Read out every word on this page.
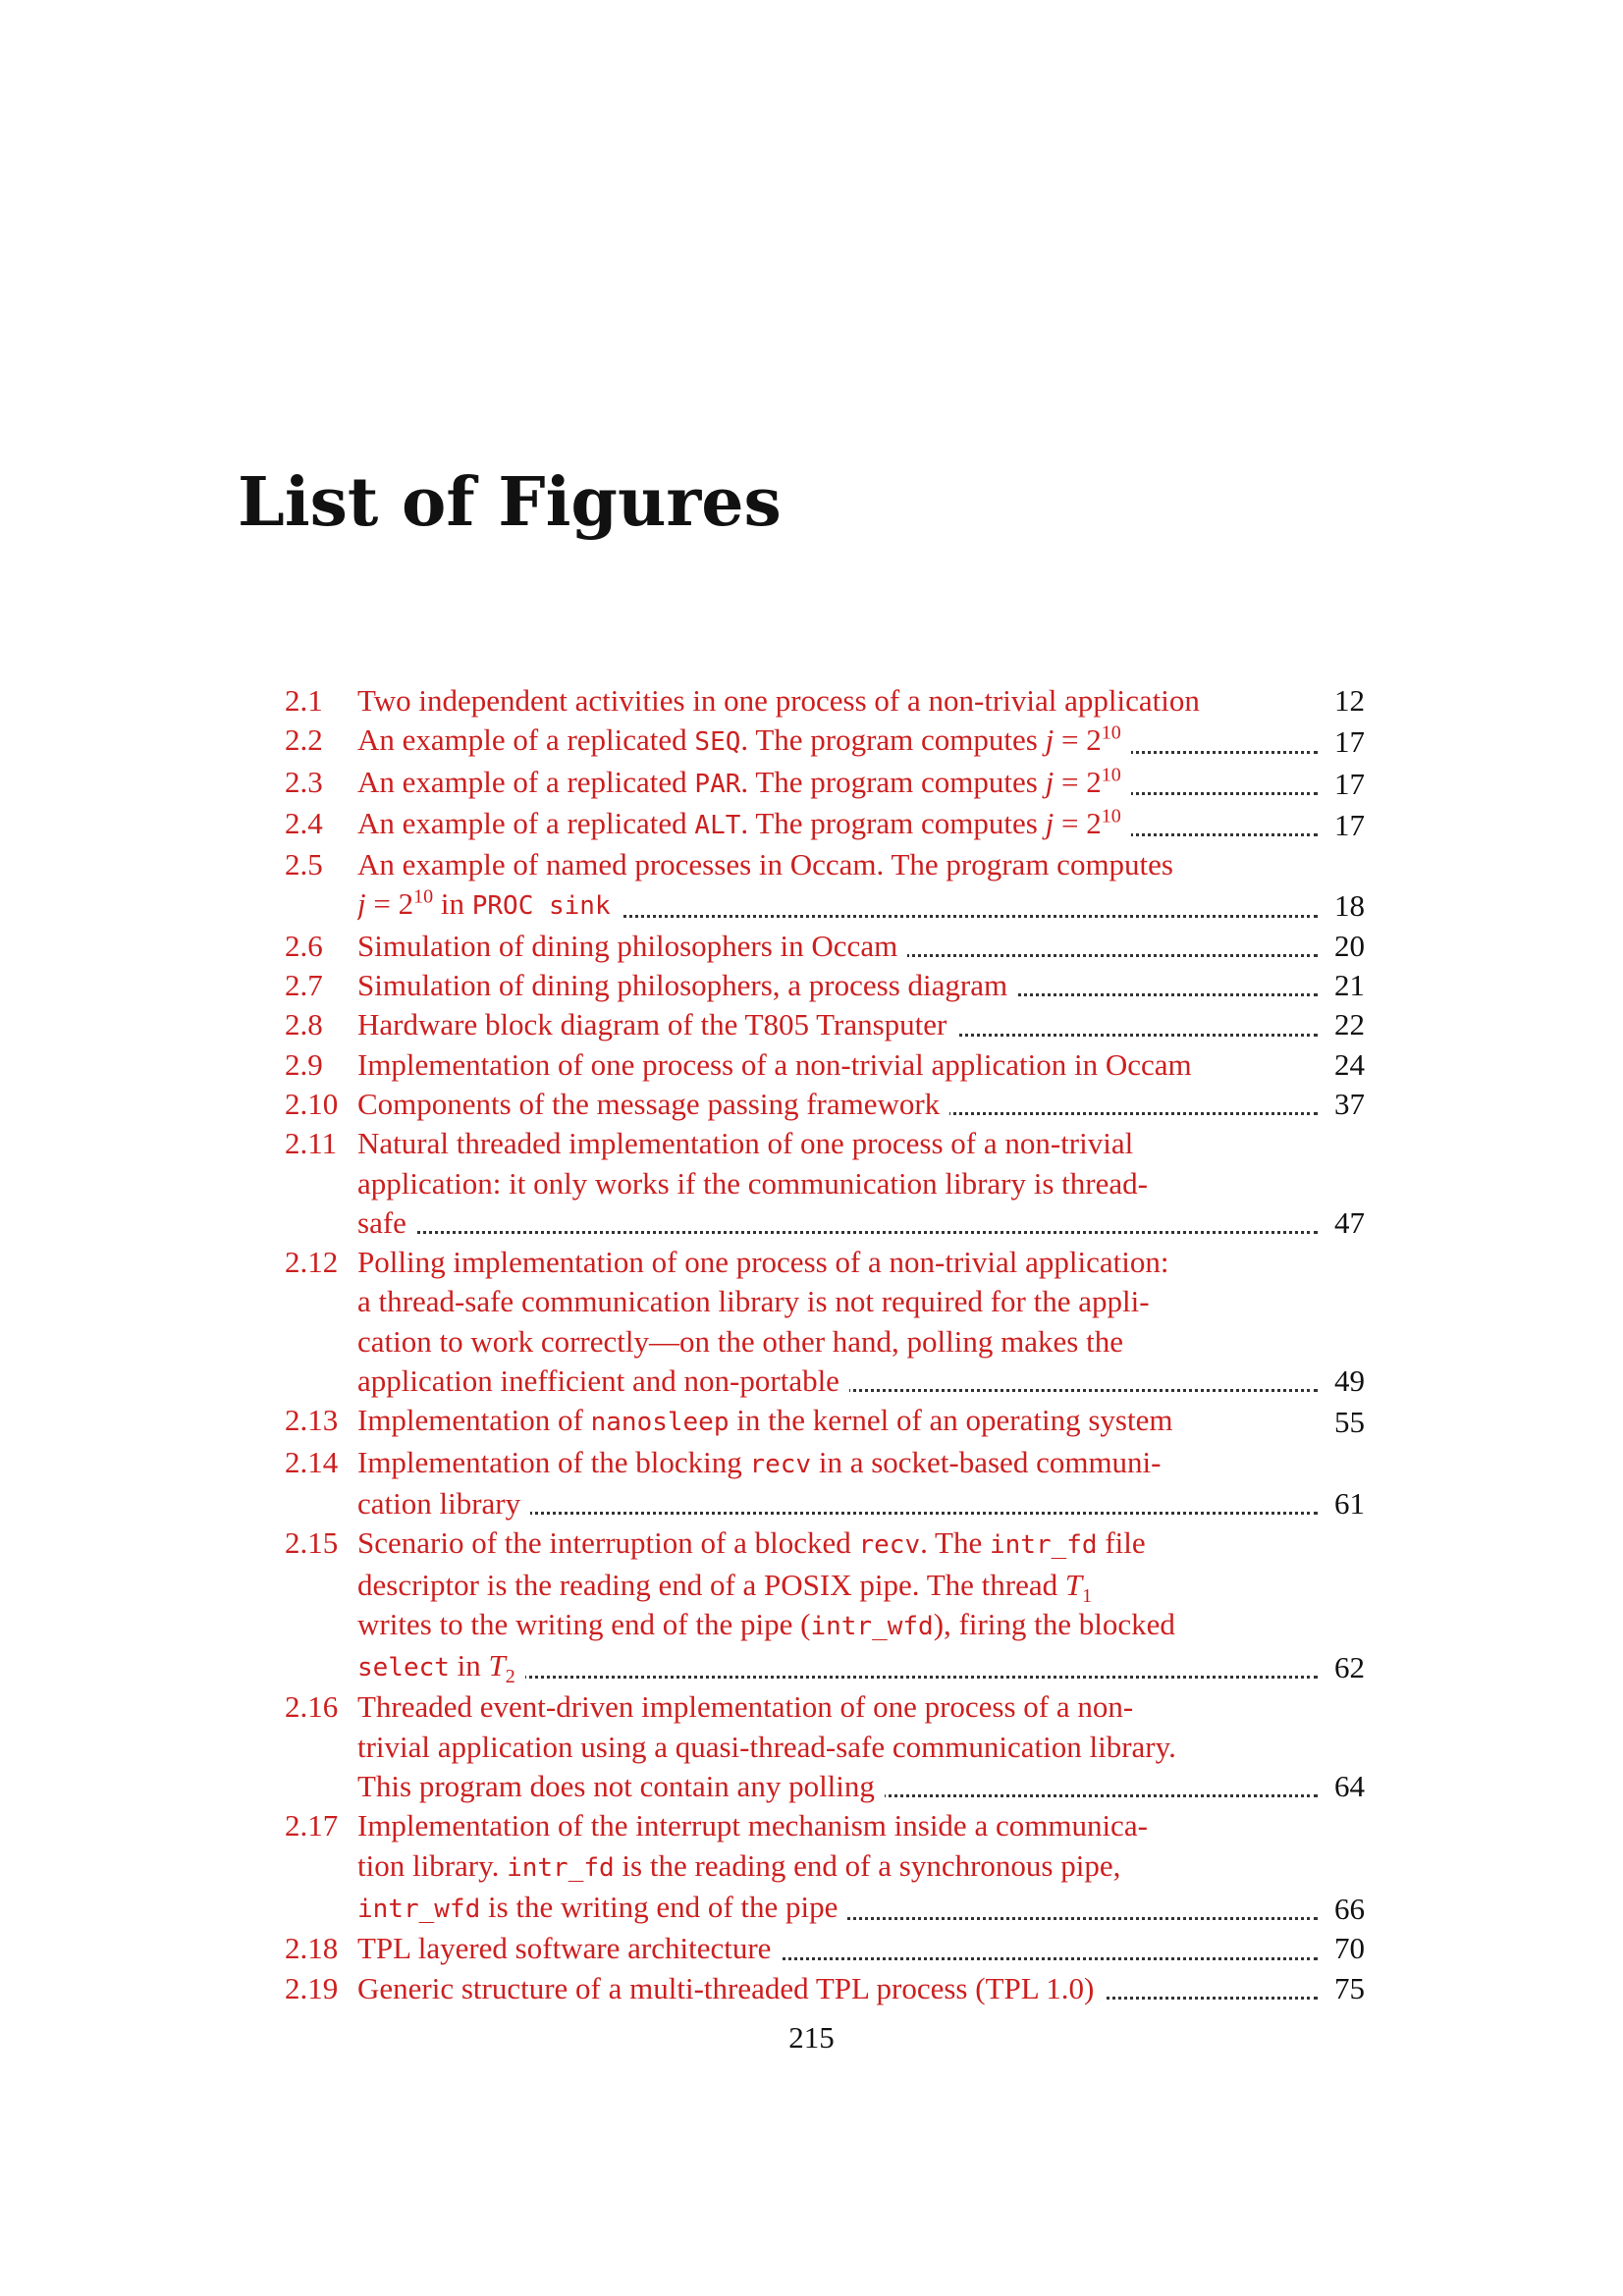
List of Figures
2.1 Two independent activities in one process of a non-trivial application	12
2.2 An example of a replicated SEQ. The program computes $j = 2^{10}$	17
2.3 An example of a replicated PAR. The program computes $j = 2^{10}$	17
2.4 An example of a replicated ALT. The program computes $j = 2^{10}$	17
2.5 An example of named processes in Occam. The program computes
$j = 2^{10}$ in PROC sink	18
2.6 Simulation of dining philosophers in Occam	20
2.7 Simulation of dining philosophers, a process diagram	21
2.8 Hardware block diagram of the T805 Transputer	22
2.9 Implementation of one process of a non-trivial application in Occam	24
2.10 Components of the message passing framework	37
2.11 Natural threaded implementation of one process of a non-trivial
application: it only works if the communication library is thread-
safe	47
2.12 Polling implementation of one process of a non-trivial application:
a thread-safe communication library is not required for the appli-
cation to work correctly—on the other hand, polling makes the
application inefficient and non-portable	49
2.13 Implementation of nanosleep in the kernel of an operating system	55
2.14 Implementation of the blocking recv in a socket-based communi-
cation library	61
2.15 Scenario of the interruption of a blocked recv. The intr_fd file
descriptor is the reading end of a POSIX pipe. The thread $T_1$
writes to the writing end of the pipe (intr_wfd), firing the blocked
select in $T_2$	62
2.16 Threaded event-driven implementation of one process of a non-
trivial application using a quasi-thread-safe communication library.
This program does not contain any polling	64
2.17 Implementation of the interrupt mechanism inside a communica-
tion library. intr_fd is the reading end of a synchronous pipe,
intr_wfd is the writing end of the pipe	66
2.18 TPL layered software architecture	70
2.19 Generic structure of a multi-threaded TPL process (TPL 1.0)	75
215
